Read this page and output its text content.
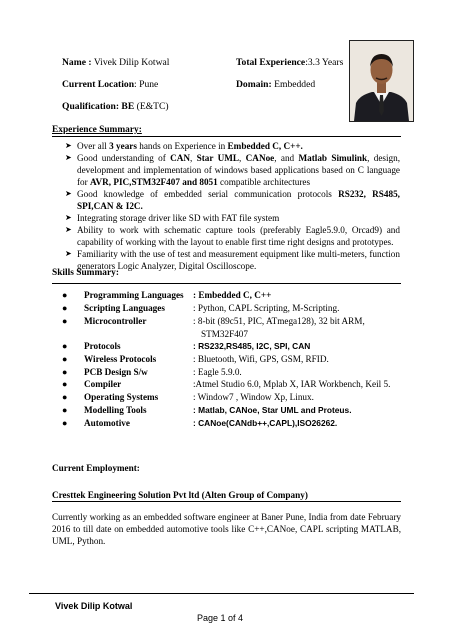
Name : Vivek Dilip Kotwal
Current Location: Pune
Qualification: BE (E&TC)
Total Experience:3.3 Years
Domain: Embedded
Experience Summary:
➤ Over all 3 years hands on Experience in Embedded C, C++.
➤ Good understanding of CAN, Star UML, CANoe, and Matlab Simulink, design, development and implementation of windows based applications based on C language for AVR, PIC,STM32F407 and 8051 compatible architectures
➤ Good knowledge of embedded serial communication protocols RS232, RS485, SPI,CAN & I2C.
➤ Integrating storage driver like SD with FAT file system
➤ Ability to work with schematic capture tools (preferably Eagle5.9.0, Orcad9) and capability of working with the layout to enable first time right designs and prototypes.
➤ Familiarity with the use of test and measurement equipment like multi-meters, function generators Logic Analyzer, Digital Oscilloscope.
Skills Summary:
● Programming Languages : Embedded C, C++
● Scripting Languages	: Python, CAPL Scripting, M-Scripting.
● Microcontroller	: 8-bit (89c51, PIC, ATmega128), 32 bit ARM,
STM32F407
● Protocols	: RS232,RS485, I2C, SPI, CAN
● Wireless Protocols	: Bluetooth, Wifi, GPS, GSM, RFID.
● PCB Design S/w	: Eagle 5.9.0.
● Compiler	:Atmel Studio 6.0, Mplab X, IAR Workbench, Keil 5.
● Operating Systems	: Window7 , Window Xp, Linux.
● Modelling Tools	: Matlab, CANoe, Star UML and Proteus.
● Automotive	: CANoe(CANdb++,CAPL),ISO26262.
Current Employment:
Cresttek Engineering Solution Pvt ltd (Alten Group of Company)
Currently working as an embedded software engineer at Baner Pune, India from date February 2016 to till date on embedded automotive tools like C++,CANoe, CAPL scripting MATLAB, UML, Python.
Vivek Dilip Kotwal
Page 1 of 4
